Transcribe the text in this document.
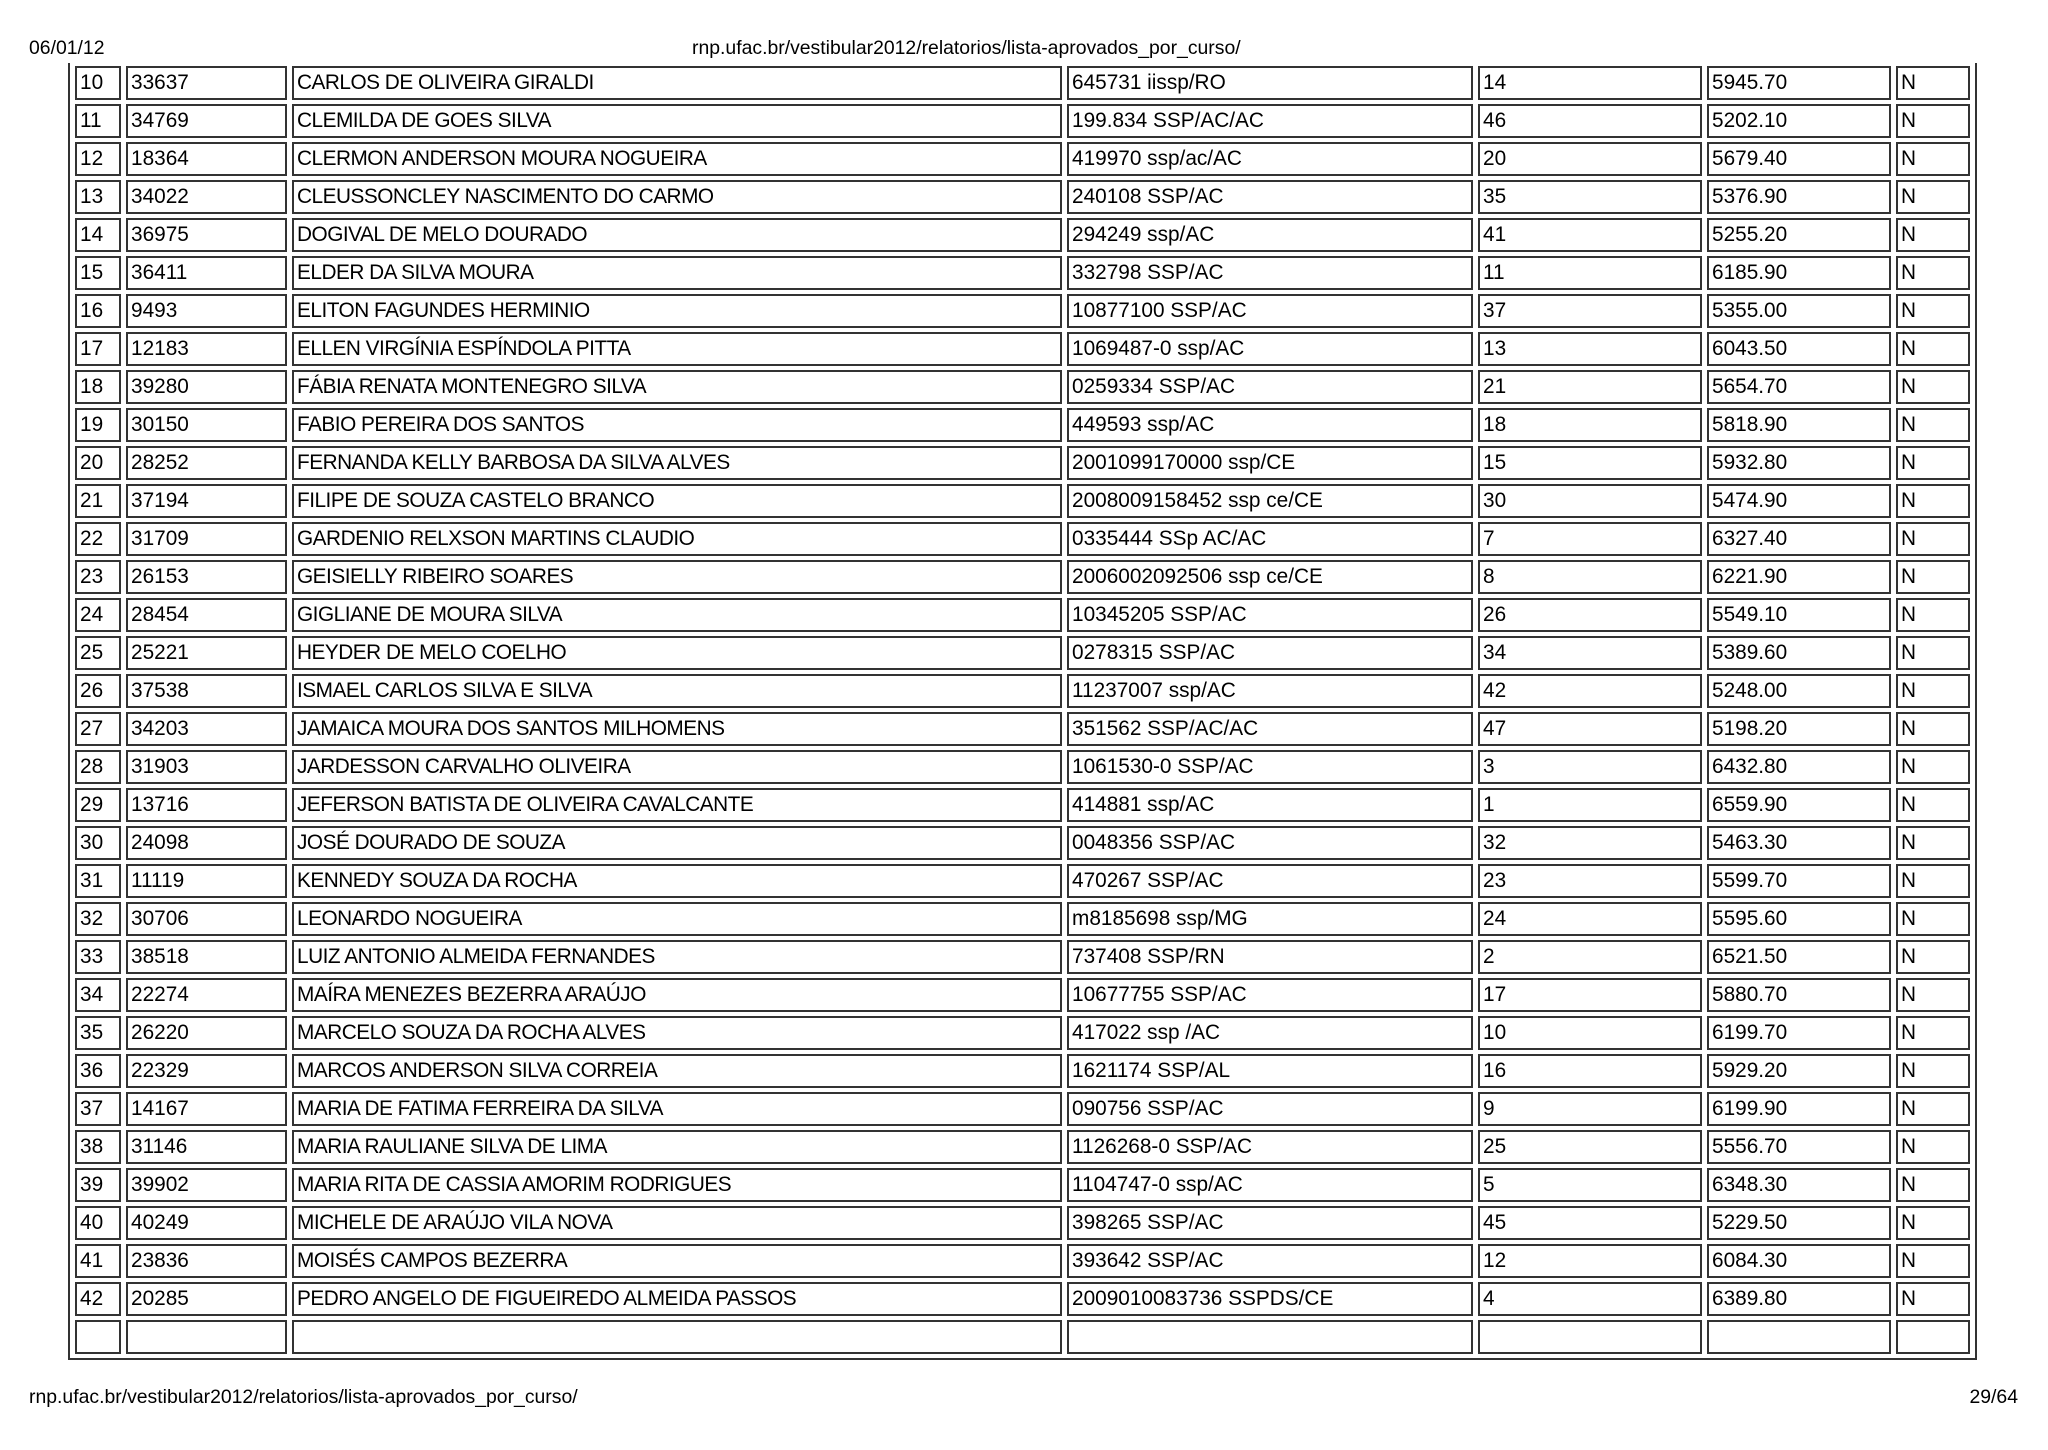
06/01/12	rnp.ufac.br/vestibular2012/relatorios/lista-aprovados_por_curso/
10	33637	CARLOS DE OLIVEIRA GIRALDI	645731 iissp/RO	14	5945.70	N
11	34769	CLEMILDA DE GOES SILVA	199.834 SSP/AC/AC	46	5202.10	N
12	18364	CLERMON ANDERSON MOURA NOGUEIRA	419970 ssp/ac/AC	20	5679.40	N
13	34022	CLEUSSONCLEY NASCIMENTO DO CARMO	240108 SSP/AC	35	5376.90	N
14	36975	DOGIVAL DE MELO DOURADO	294249 ssp/AC	41	5255.20	N
15	36411	ELDER DA SILVA MOURA	332798 SSP/AC	11	6185.90	N
16	9493	ELITON FAGUNDES HERMINIO	10877100 SSP/AC	37	5355.00	N
17	12183	ELLEN VIRGÍNIA ESPÍNDOLA PITTA	1069487-0 ssp/AC	13	6043.50	N
18	39280	FÁBIA RENATA MONTENEGRO SILVA	0259334 SSP/AC	21	5654.70	N
19	30150	FABIO PEREIRA DOS SANTOS	449593 ssp/AC	18	5818.90	N
20	28252	FERNANDA KELLY BARBOSA DA SILVA ALVES	2001099170000 ssp/CE	15	5932.80	N
21	37194	FILIPE DE SOUZA CASTELO BRANCO	2008009158452 ssp ce/CE	30	5474.90	N
22	31709	GARDENIO RELXSON MARTINS CLAUDIO	0335444 SSp AC/AC	7	6327.40	N
23	26153	GEISIELLY RIBEIRO SOARES	2006002092506 ssp ce/CE	8	6221.90	N
24	28454	GIGLIANE DE MOURA SILVA	10345205 SSP/AC	26	5549.10	N
25	25221	HEYDER DE MELO COELHO	0278315 SSP/AC	34	5389.60	N
26	37538	ISMAEL CARLOS SILVA E SILVA	11237007 ssp/AC	42	5248.00	N
27	34203	JAMAICA MOURA DOS SANTOS MILHOMENS	351562 SSP/AC/AC	47	5198.20	N
28	31903	JARDESSON CARVALHO OLIVEIRA	1061530-0 SSP/AC	3	6432.80	N
29	13716	JEFERSON BATISTA DE OLIVEIRA CAVALCANTE	414881 ssp/AC	1	6559.90	N
30	24098	JOSÉ DOURADO DE SOUZA	0048356 SSP/AC	32	5463.30	N
31	11119	KENNEDY SOUZA DA ROCHA	470267 SSP/AC	23	5599.70	N
32	30706	LEONARDO NOGUEIRA	m8185698 ssp/MG	24	5595.60	N
33	38518	LUIZ ANTONIO ALMEIDA FERNANDES	737408 SSP/RN	2	6521.50	N
34	22274	MAÍRA MENEZES BEZERRA ARAÚJO	10677755 SSP/AC	17	5880.70	N
35	26220	MARCELO SOUZA DA ROCHA ALVES	417022 ssp /AC	10	6199.70	N
36	22329	MARCOS ANDERSON SILVA CORREIA	1621174 SSP/AL	16	5929.20	N
37	14167	MARIA DE FATIMA FERREIRA DA SILVA	090756 SSP/AC	9	6199.90	N
38	31146	MARIA RAULIANE SILVA DE LIMA	1126268-0 SSP/AC	25	5556.70	N
39	39902	MARIA RITA DE CASSIA AMORIM RODRIGUES	1104747-0 ssp/AC	5	6348.30	N
40	40249	MICHELE DE ARAÚJO VILA NOVA	398265 SSP/AC	45	5229.50	N
41	23836	MOISÉS CAMPOS BEZERRA	393642 SSP/AC	12	6084.30	N
42	20285	PEDRO ANGELO DE FIGUEIREDO ALMEIDA PASSOS	2009010083736 SSPDS/CE	4	6389.80	N

rnp.ufac.br/vestibular2012/relatorios/lista-aprovados_por_curso/	29/64
